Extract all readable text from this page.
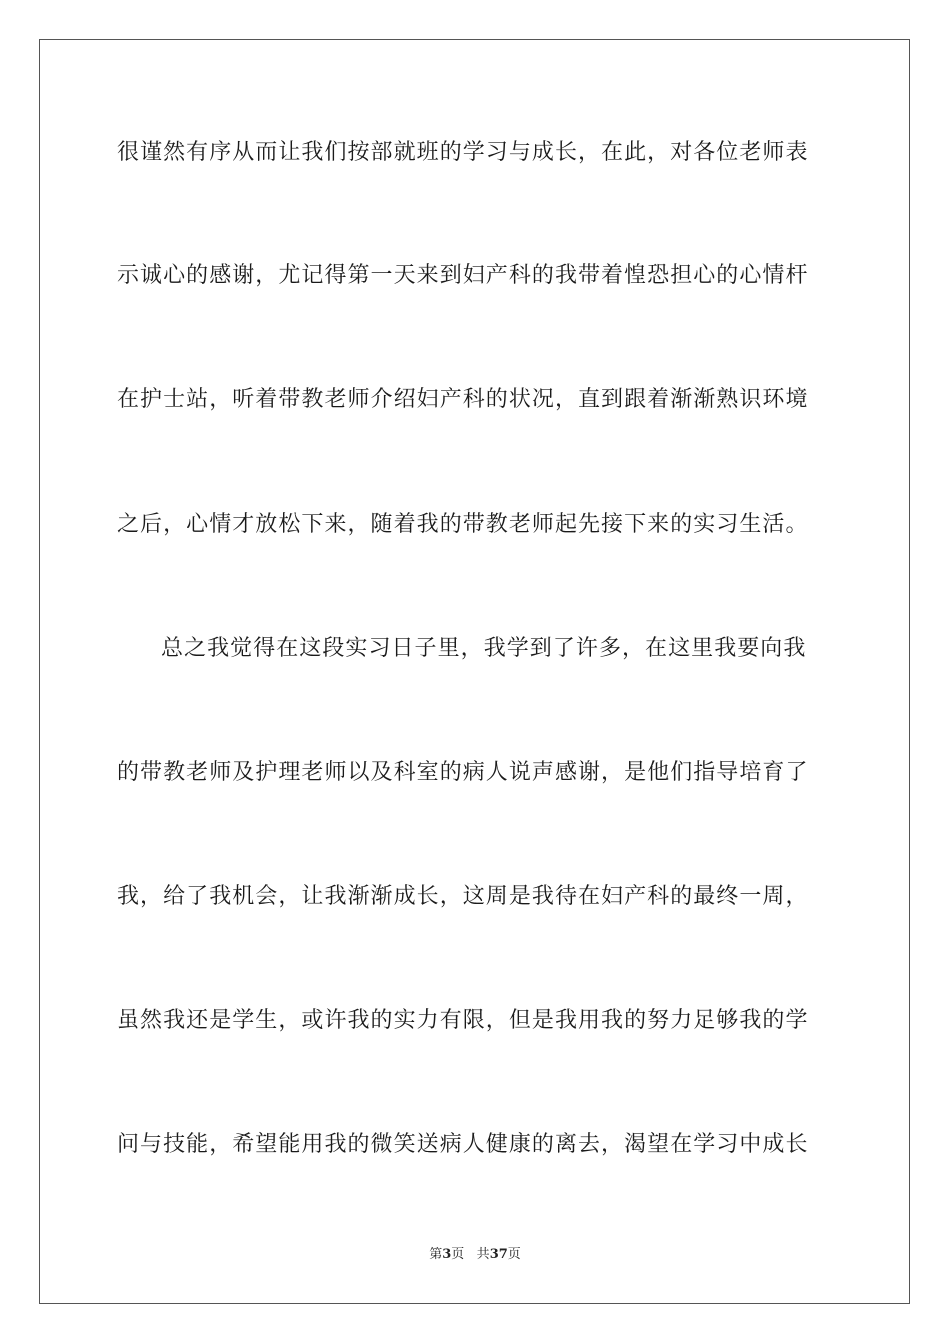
很谨然有序从而让我们按部就班的学习与成长，在此，对各位老师表
示诚心的感谢，尤记得第一天来到妇产科的我带着惶恐担心的心情杆
在护士站，听着带教老师介绍妇产科的状况，直到跟着渐渐熟识环境
之后，心情才放松下来，随着我的带教老师起先接下来的实习生活。
总之我觉得在这段实习日子里，我学到了许多，在这里我要向我
的带教老师及护理老师以及科室的病人说声感谢，是他们指导培育了
我，给了我机会，让我渐渐成长，这周是我待在妇产科的最终一周，
虽然我还是学生，或许我的实力有限，但是我用我的努力足够我的学
问与技能，希望能用我的微笑送病人健康的离去，渴望在学习中成长
第3页 共37页
